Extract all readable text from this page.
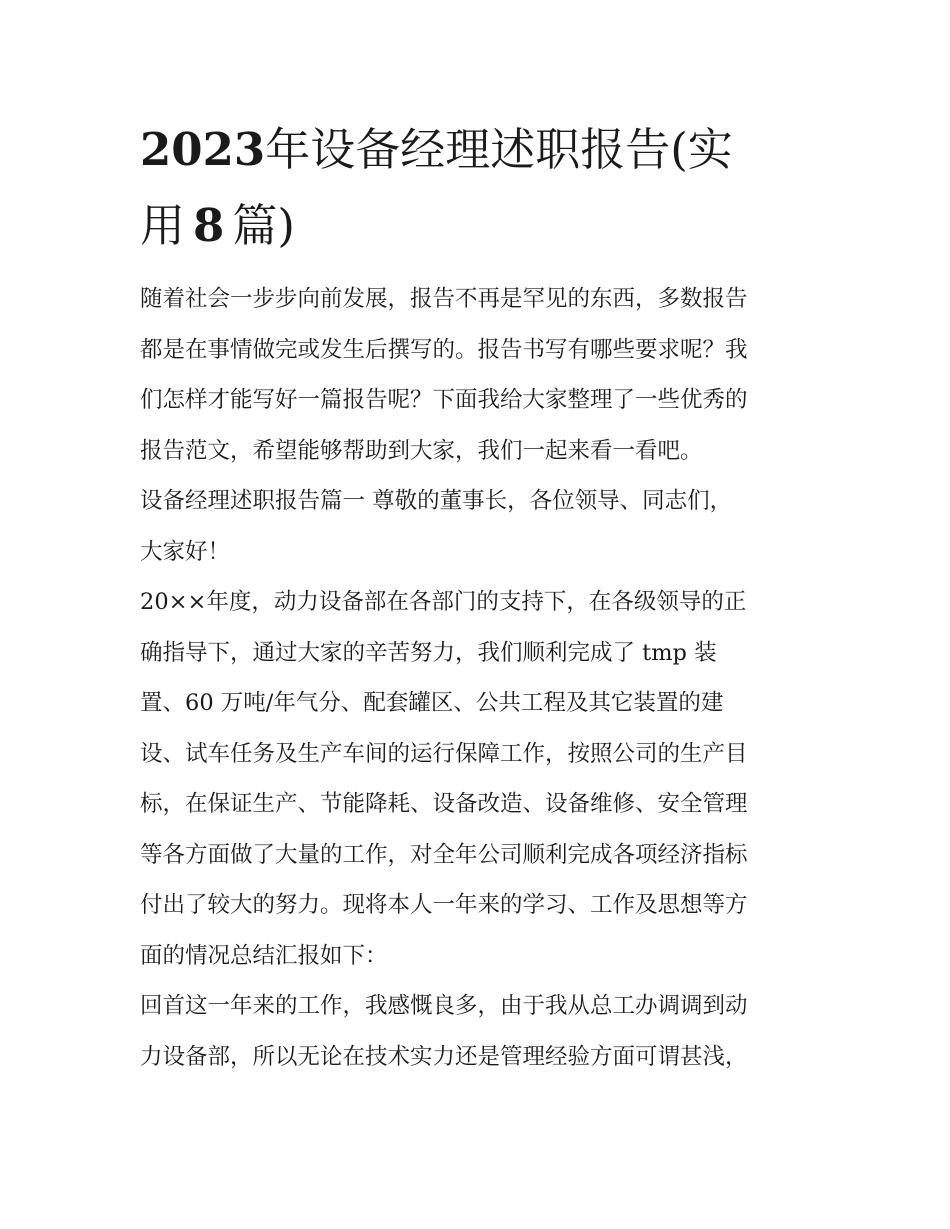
2023年设备经理述职报告(实
用 8 篇)

随着社会一步步向前发展，报告不再是罕见的东西，多数报告
都是在事情做完或发生后撰写的。报告书写有哪些要求呢？我
们怎样才能写好一篇报告呢？下面我给大家整理了一些优秀的
报告范文，希望能够帮助到大家，我们一起来看一看吧。

设备经理述职报告篇一 尊敬的董事长，各位领导、同志们，
大家好！

20××年度，动力设备部在各部门的支持下，在各级领导的正
确指导下，通过大家的辛苦努力，我们顺利完成了 tmp 装
置、60 万吨/年气分、配套罐区、公共工程及其它装置的建
设、试车任务及生产车间的运行保障工作，按照公司的生产目
标，在保证生产、节能降耗、设备改造、设备维修、安全管理
等各方面做了大量的工作，对全年公司顺利完成各项经济指标
付出了较大的努力。现将本人一年来的学习、工作及思想等方
面的情况总结汇报如下：

回首这一年来的工作，我感慨良多，由于我从总工办调调到动
力设备部，所以无论在技术实力还是管理经验方面可谓甚浅，
